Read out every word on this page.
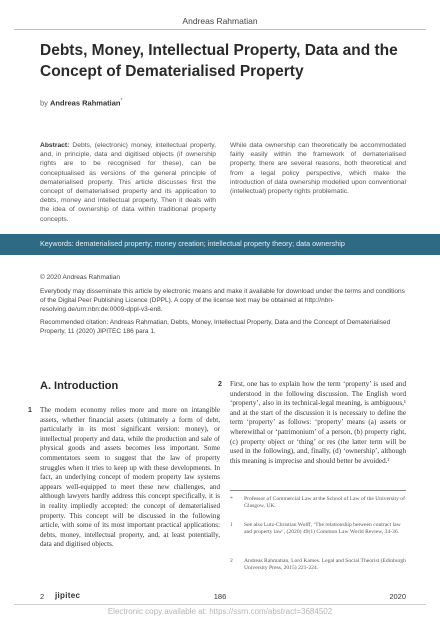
Andreas Rahmatian
Debts, Money, Intellectual Property, Data and the Concept of Dematerialised Property
by Andreas Rahmatian*
Abstract: Debts, (electronic) money, intellectual property, and, in principle, data and digitised objects (if ownership rights are to be recognised for these), can be conceptualised as versions of the general principle of dematerialised property. This article discusses first the concept of dematerialised property and its application to debts, money and intellectual property. Then it deals with the idea of ownership of data within traditional property concepts.
While data ownership can theoretically be accommodated fairly easily within the framework of dematerialised property, there are several reasons, both theoretical and from a legal policy perspective, which make the introduction of data ownership modelled upon conventional (intellectual) property rights problematic.
Keywords: dematerialised property; money creation; intellectual property theory; data ownership
© 2020 Andreas Rahmatian
Everybody may disseminate this article by electronic means and make it available for download under the terms and conditions of the Digital Peer Publishing Licence (DPPL). A copy of the license text may be obtained at http://nbn-resolving.de/urn:nbn:de:0009-dppl-v3-en8.
Recommended citation: Andreas Rahmatian, Debts, Money, Intellectual Property, Data and the Concept of Dematerialised Property, 11 (2020) JIPITEC 186 para 1.
A. Introduction
1 The modern economy relies more and more on intangible assets, whether financial assets (ultimately a form of debt, particularly in its most significant version: money), or intellectual property and data, while the production and sale of physical goods and assets becomes less important. Some commentators seem to suggest that the law of property struggles when it tries to keep up with these developments. In fact, an underlying concept of modern property law systems appears well-equipped to meet these new challenges, and although lawyers hardly address this concept specifically, it is in reality impliedly accepted: the concept of dematerialised property. This concept will be discussed in the following article, with some of its most important practical applications: debts, money, intellectual property, and, at least potentially, data and digitised objects.
2 First, one has to explain how the term ‘property’ is used and understood in the following discussion. The English word ‘property’, also in its technical-legal meaning, is ambiguous,¹ and at the start of the discussion it is necessary to define the term ‘property’ as follows: ‘property’ means (a) assets or wherewithal or ‘patrimonium’ of a person, (b) property right, (c) property object or ‘thing’ or res (the latter term will be used in the following), and, finally, (d) ‘ownership’, although this meaning is imprecise and should better be avoided.²
* Professor of Commercial Law at the School of Law of the University of Glasgow, UK.
1 See also Lutz-Christian Wolff, ‘The relationship between contract law and property law’, (2020) 49(1) Common Law World Review, 34-36.
2 Andreas Rahmatian, Lord Kames. Legal and Social Theorist (Edinburgh University Press, 2015) 221-224.
2 jipitec	186	2020
Electronic copy available at: https://ssrn.com/abstract=3684502
